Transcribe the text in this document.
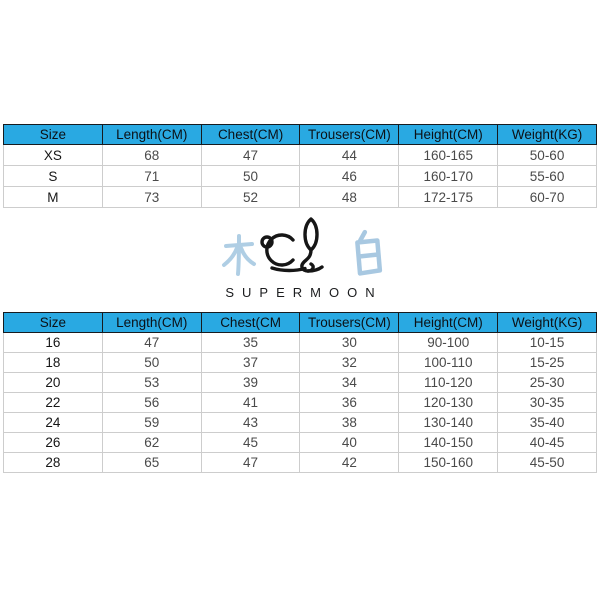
Size	Length(CM)	Chest(CM)	Trousers(CM)	Height(CM)	Weight(KG)
XS	68	47	44	160-165	50-60
S	71	50	46	160-170	55-60
M	73	52	48	172-175	60-70
SUPERMOON
Size	Length(CM)	Chest(CM	Trousers(CM)	Height(CM)	Weight(KG)
16	47	35	30	90-100	10-15
18	50	37	32	100-110	15-25
20	53	39	34	110-120	25-30
22	56	41	36	120-130	30-35
24	59	43	38	130-140	35-40
26	62	45	40	140-150	40-45
28	65	47	42	150-160	45-50
